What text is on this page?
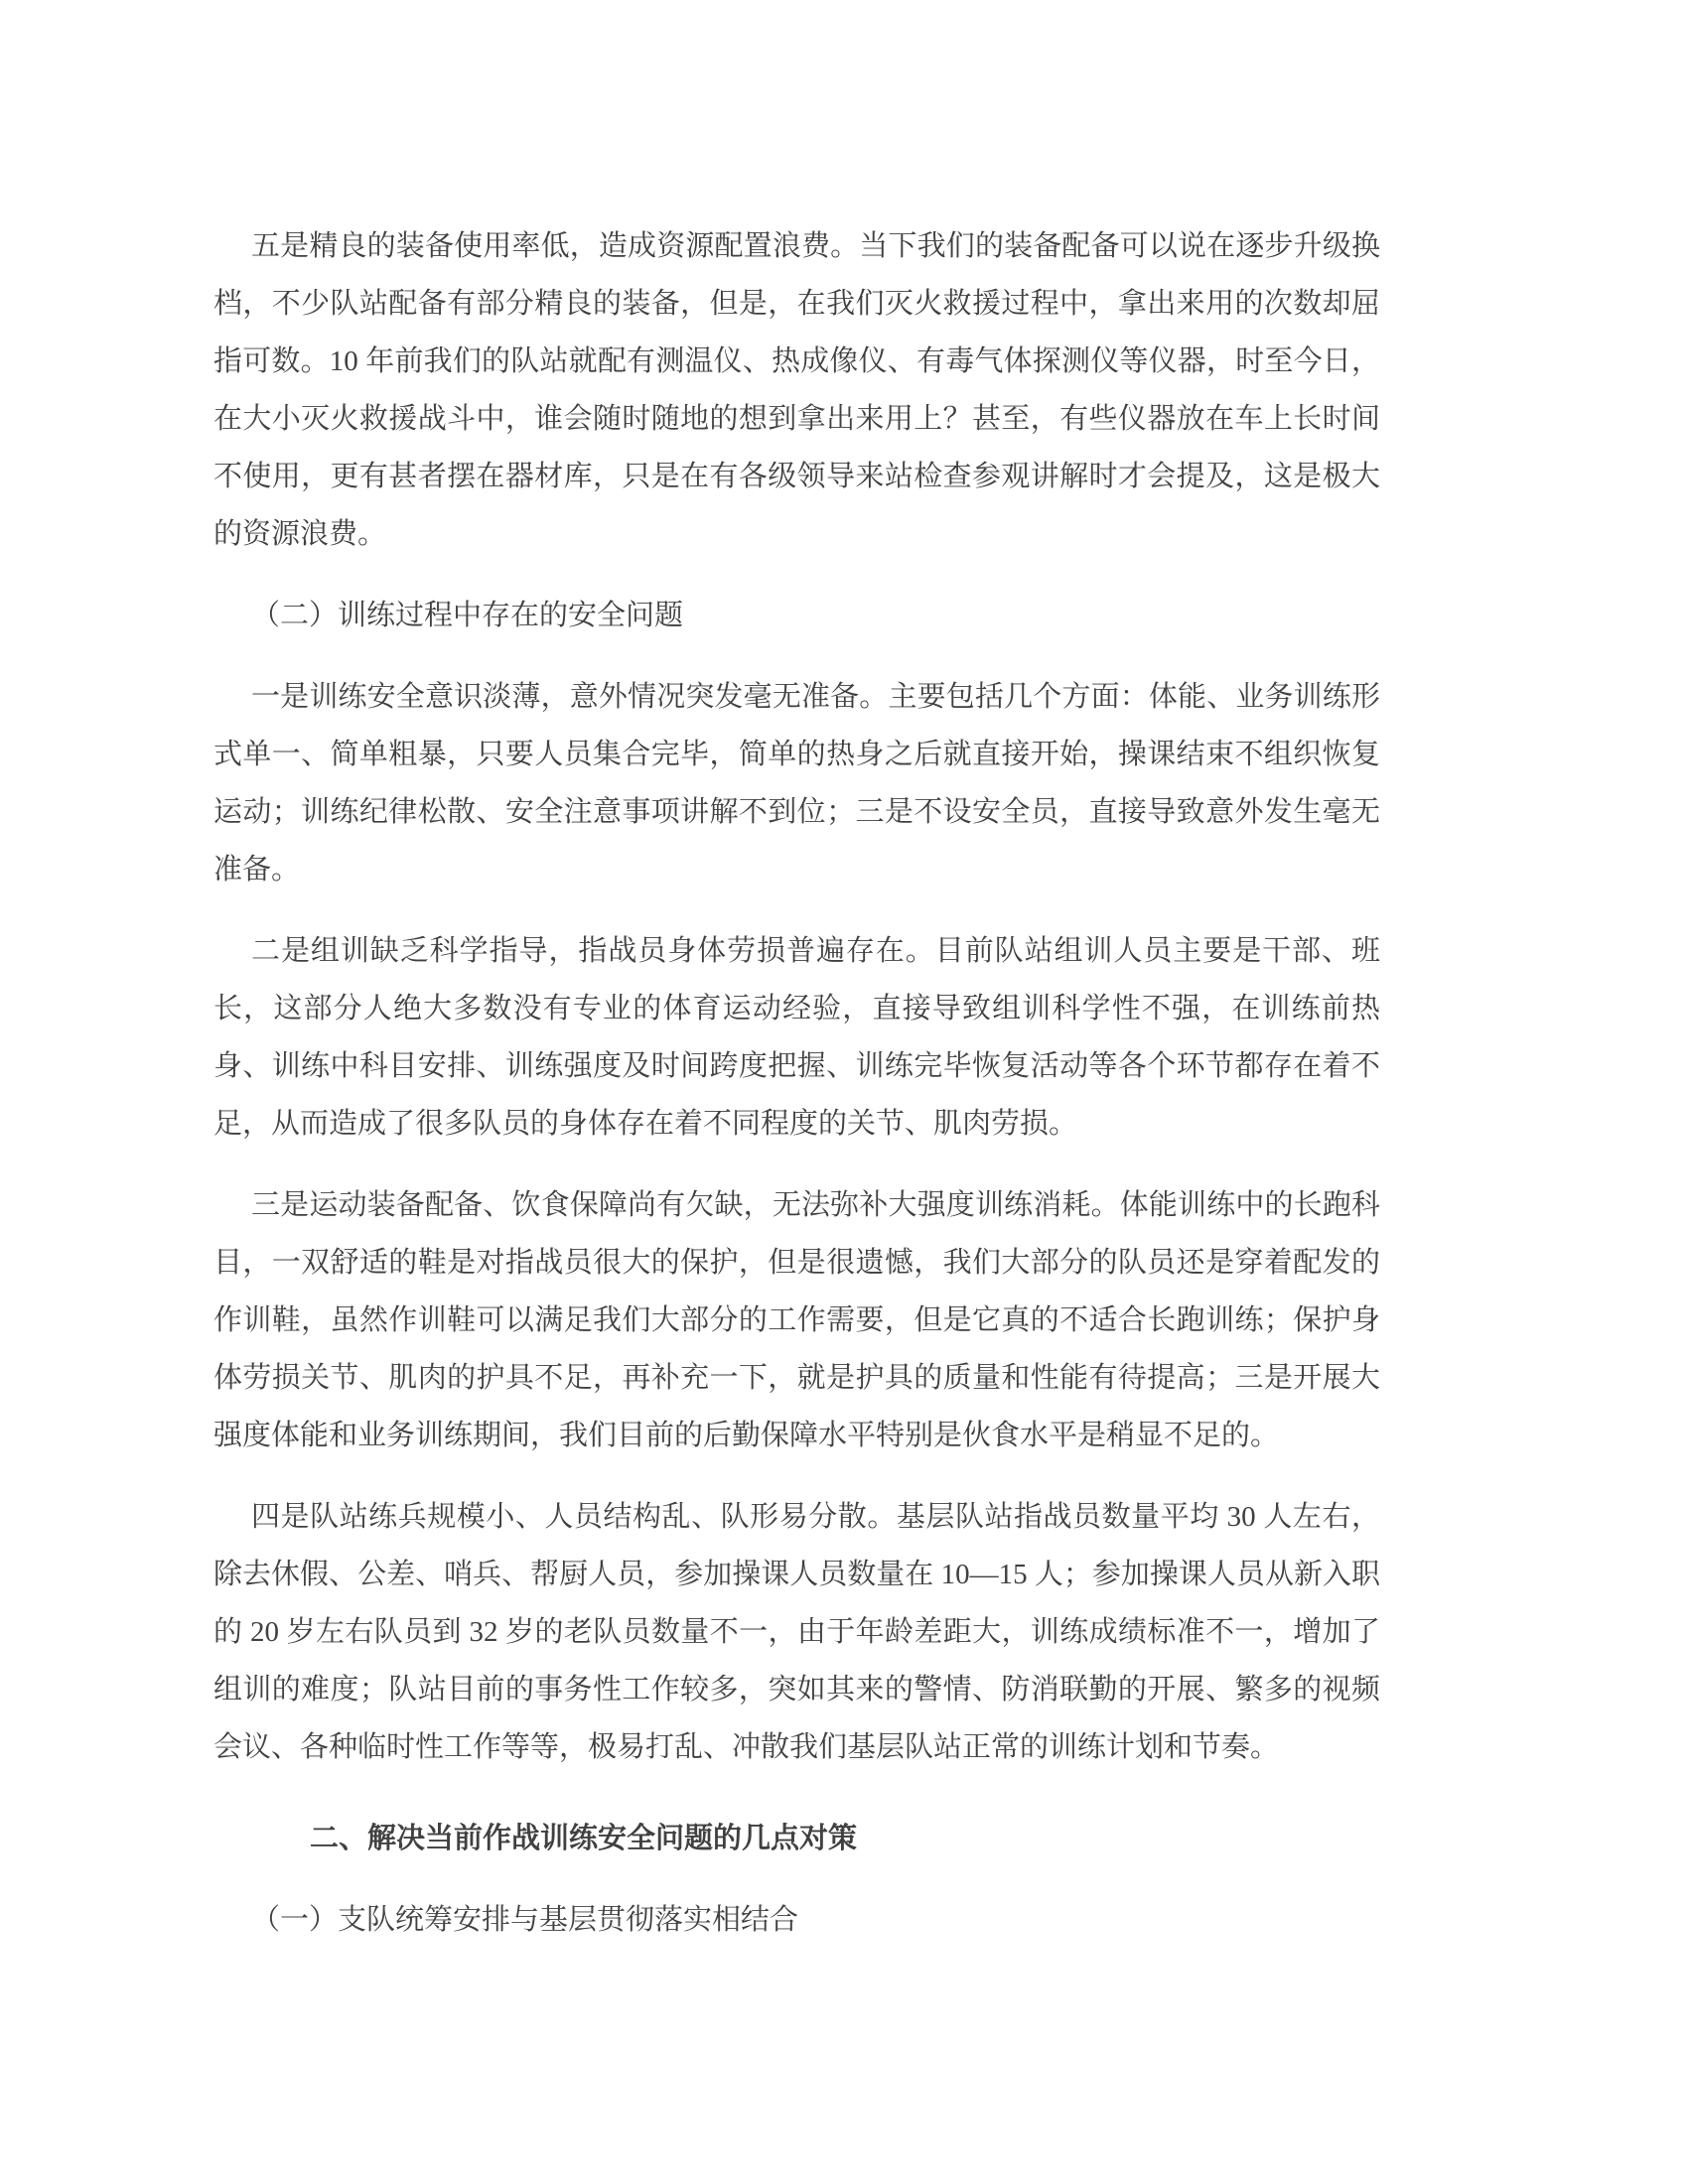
五是精良的装备使用率低，造成资源配置浪费。当下我们的装备配备可以说在逐步升级换档，不少队站配备有部分精良的装备，但是，在我们灭火救援过程中，拿出来用的次数却屈指可数。10 年前我们的队站就配有测温仪、热成像仪、有毒气体探测仪等仪器，时至今日，在大小灭火救援战斗中，谁会随时随地的想到拿出来用上？甚至，有些仪器放在车上长时间不使用，更有甚者摆在器材库，只是在有各级领导来站检查参观讲解时才会提及，这是极大的资源浪费。

（二）训练过程中存在的安全问题

一是训练安全意识淡薄，意外情况突发毫无准备。主要包括几个方面：体能、业务训练形式单一、简单粗暴，只要人员集合完毕，简单的热身之后就直接开始，操课结束不组织恢复运动；训练纪律松散、安全注意事项讲解不到位；三是不设安全员，直接导致意外发生毫无准备。

二是组训缺乏科学指导，指战员身体劳损普遍存在。目前队站组训人员主要是干部、班长，这部分人绝大多数没有专业的体育运动经验，直接导致组训科学性不强，在训练前热身、训练中科目安排、训练强度及时间跨度把握、训练完毕恢复活动等各个环节都存在着不足，从而造成了很多队员的身体存在着不同程度的关节、肌肉劳损。

三是运动装备配备、饮食保障尚有欠缺，无法弥补大强度训练消耗。体能训练中的长跑科目，一双舒适的鞋是对指战员很大的保护，但是很遗憾，我们大部分的队员还是穿着配发的作训鞋，虽然作训鞋可以满足我们大部分的工作需要，但是它真的不适合长跑训练；保护身体劳损关节、肌肉的护具不足，再补充一下，就是护具的质量和性能有待提高；三是开展大强度体能和业务训练期间，我们目前的后勤保障水平特别是伙食水平是稍显不足的。

四是队站练兵规模小、人员结构乱、队形易分散。基层队站指战员数量平均 30 人左右，除去休假、公差、哨兵、帮厨人员，参加操课人员数量在 10—15 人；参加操课人员从新入职的 20 岁左右队员到 32 岁的老队员数量不一，由于年龄差距大，训练成绩标准不一，增加了组训的难度；队站目前的事务性工作较多，突如其来的警情、防消联勤的开展、繁多的视频会议、各种临时性工作等等，极易打乱、冲散我们基层队站正常的训练计划和节奏。

二、解决当前作战训练安全问题的几点对策

（一）支队统筹安排与基层贯彻落实相结合
